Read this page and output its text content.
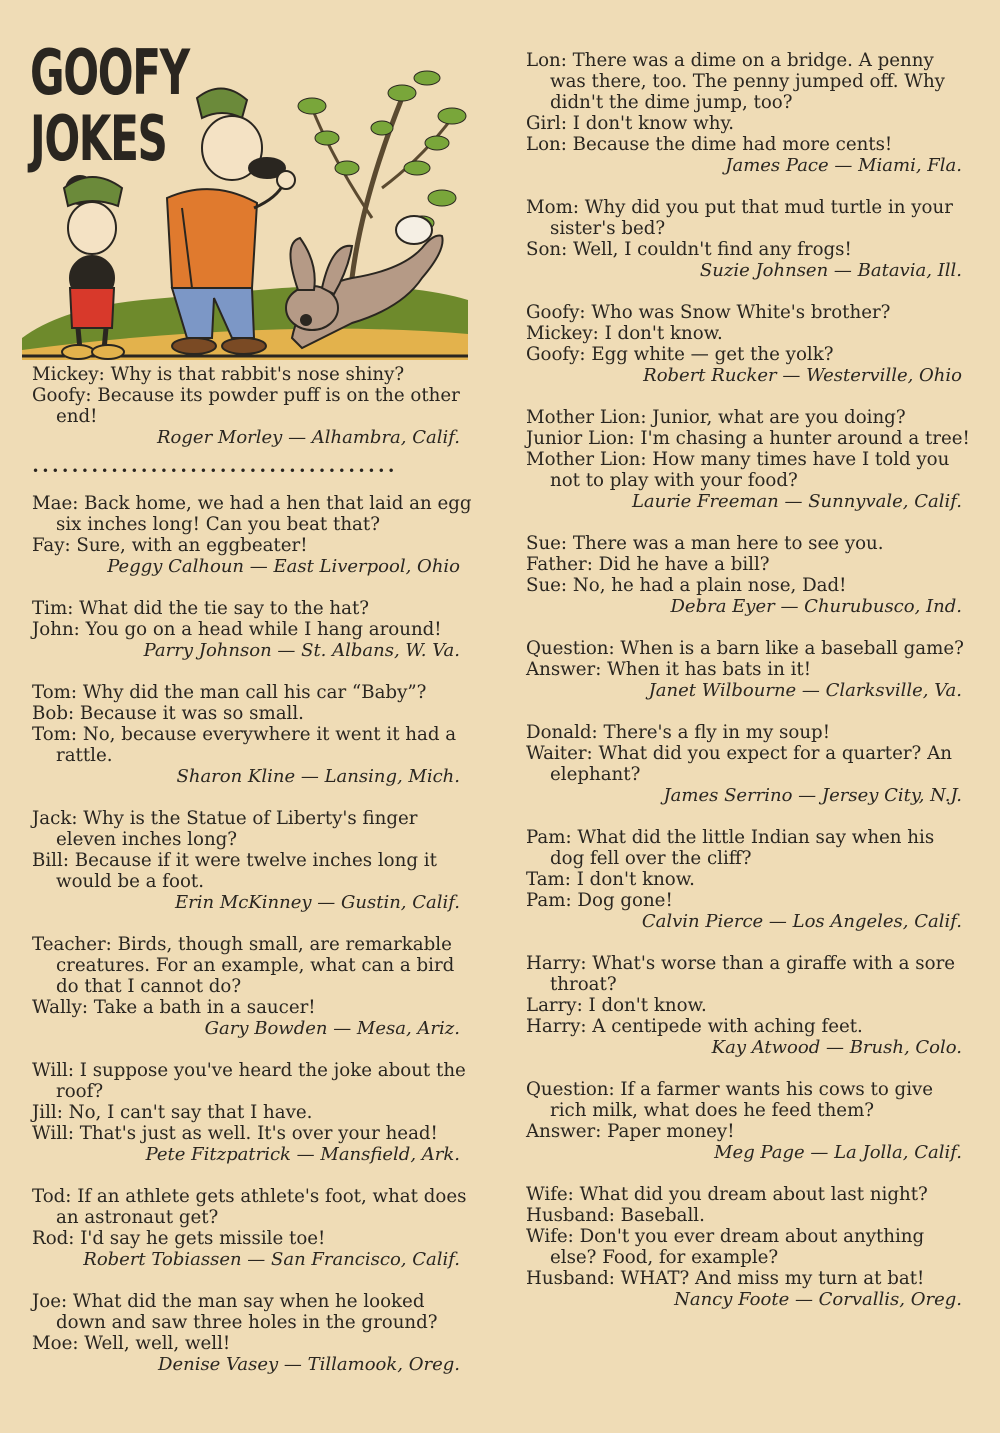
GOOFY
JOKES
Mickey: Why is that rabbit's nose shiny?
Goofy: Because its powder puff is on the other end!
Roger Morley — Alhambra, Calif.
•••••••••••••••••••••••••••••••••••••
Mae: Back home, we had a hen that laid an egg six inches long! Can you beat that?
Fay: Sure, with an eggbeater!
Peggy Calhoun — East Liverpool, Ohio
Tim: What did the tie say to the hat?
John: You go on a head while I hang around!
Parry Johnson — St. Albans, W. Va.
Tom: Why did the man call his car “Baby”?
Bob: Because it was so small.
Tom: No, because everywhere it went it had a rattle.
Sharon Kline — Lansing, Mich.
Jack: Why is the Statue of Liberty's finger eleven inches long?
Bill: Because if it were twelve inches long it would be a foot.
Erin McKinney — Gustin, Calif.
Teacher: Birds, though small, are remarkable creatures. For an example, what can a bird do that I cannot do?
Wally: Take a bath in a saucer!
Gary Bowden — Mesa, Ariz.
Will: I suppose you've heard the joke about the roof?
Jill: No, I can't say that I have.
Will: That's just as well. It's over your head!
Pete Fitzpatrick — Mansfield, Ark.
Tod: If an athlete gets athlete's foot, what does an astronaut get?
Rod: I'd say he gets missile toe!
Robert Tobiassen — San Francisco, Calif.
Joe: What did the man say when he looked down and saw three holes in the ground?
Moe: Well, well, well!
Denise Vasey — Tillamook, Oreg.
Lon: There was a dime on a bridge. A penny was there, too. The penny jumped off. Why didn't the dime jump, too?
Girl: I don't know why.
Lon: Because the dime had more cents!
James Pace — Miami, Fla.
Mom: Why did you put that mud turtle in your sister's bed?
Son: Well, I couldn't find any frogs!
Suzie Johnsen — Batavia, Ill.
Goofy: Who was Snow White's brother?
Mickey: I don't know.
Goofy: Egg white — get the yolk?
Robert Rucker — Westerville, Ohio
Mother Lion: Junior, what are you doing?
Junior Lion: I'm chasing a hunter around a tree!
Mother Lion: How many times have I told you not to play with your food?
Laurie Freeman — Sunnyvale, Calif.
Sue: There was a man here to see you.
Father: Did he have a bill?
Sue: No, he had a plain nose, Dad!
Debra Eyer — Churubusco, Ind.
Question: When is a barn like a baseball game?
Answer: When it has bats in it!
Janet Wilbourne — Clarksville, Va.
Donald: There's a fly in my soup!
Waiter: What did you expect for a quarter? An elephant?
James Serrino — Jersey City, N.J.
Pam: What did the little Indian say when his dog fell over the cliff?
Tam: I don't know.
Pam: Dog gone!
Calvin Pierce — Los Angeles, Calif.
Harry: What's worse than a giraffe with a sore throat?
Larry: I don't know.
Harry: A centipede with aching feet.
Kay Atwood — Brush, Colo.
Question: If a farmer wants his cows to give rich milk, what does he feed them?
Answer: Paper money!
Meg Page — La Jolla, Calif.
Wife: What did you dream about last night?
Husband: Baseball.
Wife: Don't you ever dream about anything else? Food, for example?
Husband: WHAT? And miss my turn at bat!
Nancy Foote — Corvallis, Oreg.
